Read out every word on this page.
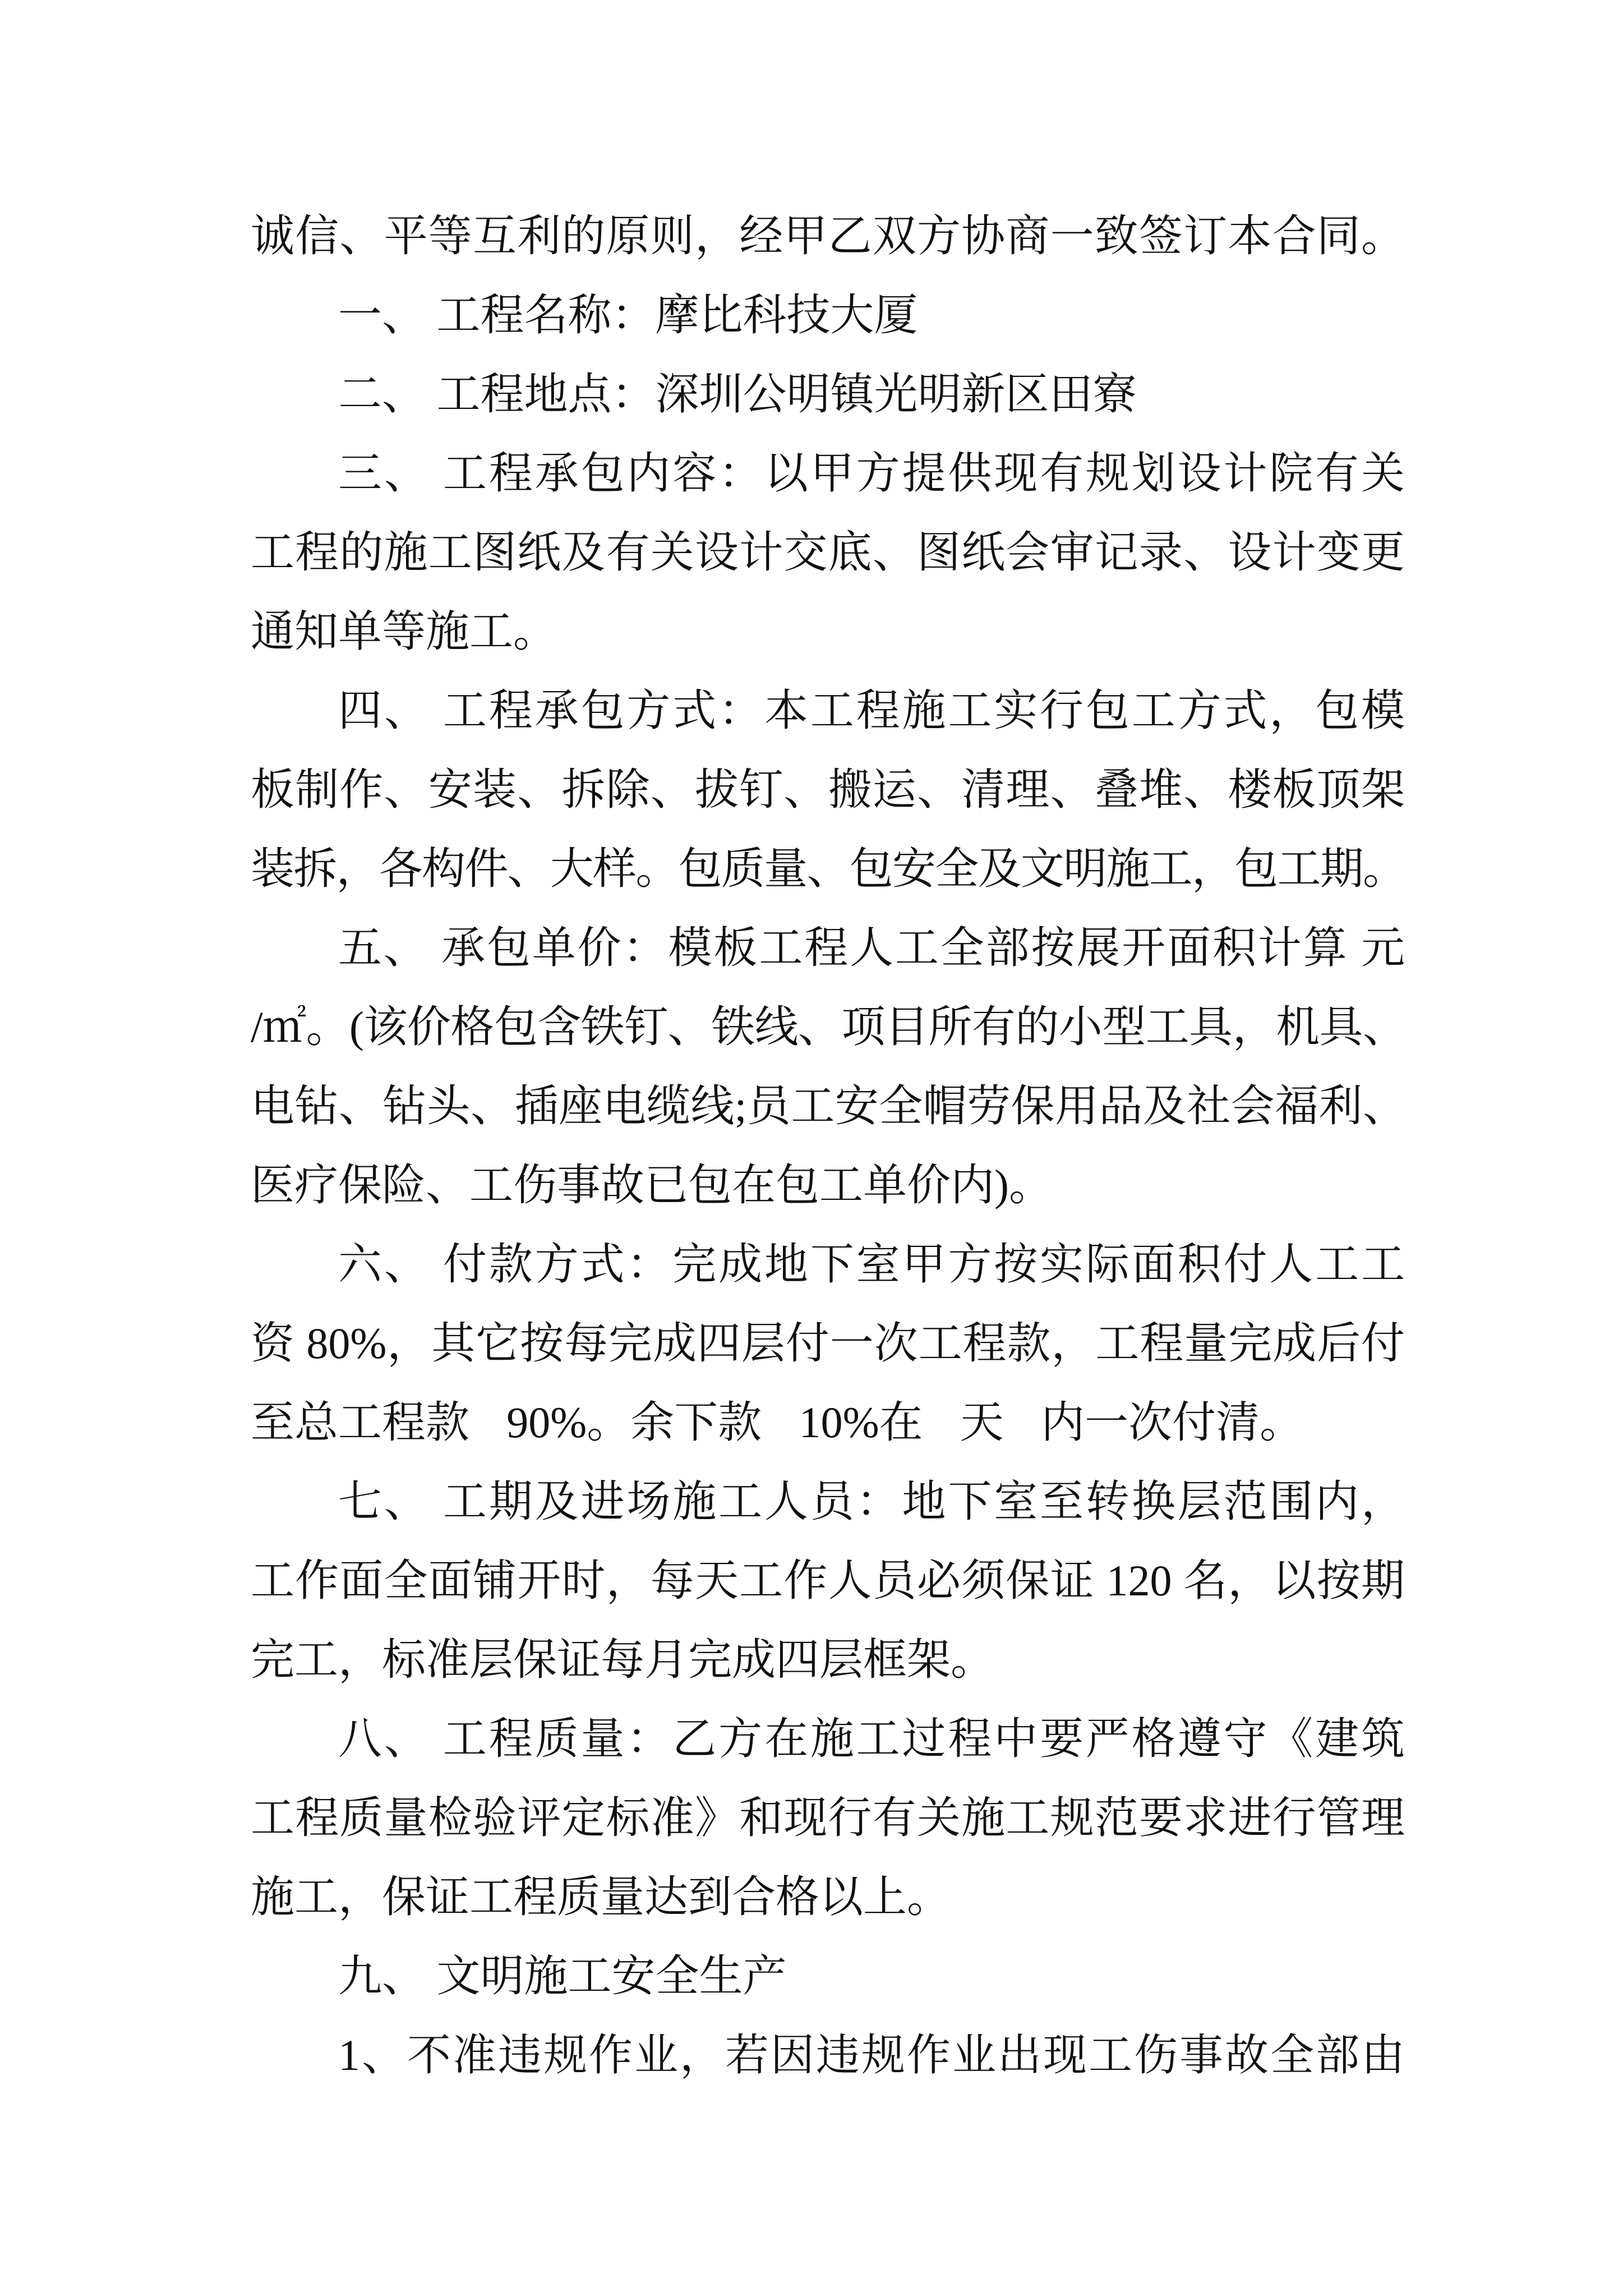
诚信、平等互利的原则，经甲乙双方协商一致签订本合同。
一、 工程名称：摩比科技大厦
二、 工程地点：深圳公明镇光明新区田寮
三、 工程承包内容：以甲方提供现有规划设计院有关
工程的施工图纸及有关设计交底、图纸会审记录、设计变更
通知单等施工。
四、 工程承包方式：本工程施工实行包工方式，包模
板制作、安装、拆除、拔钉、搬运、清理、叠堆、楼板顶架
装拆，各构件、大样。包质量、包安全及文明施工，包工期。
五、 承包单价：模板工程人工全部按展开面积计算 元
/㎡。(该价格包含铁钉、铁线、项目所有的小型工具，机具、
电钻、钻头、插座电缆线;员工安全帽劳保用品及社会福利、
医疗保险、工伤事故已包在包工单价内)。
六、 付款方式：完成地下室甲方按实际面积付人工工
资 80%，其它按每完成四层付一次工程款，工程量完成后付
至总工程款 90%。余下款 10%在 天 内一次付清。
七、 工期及进场施工人员：地下室至转换层范围内，
工作面全面铺开时，每天工作人员必须保证 120 名，以按期
完工，标准层保证每月完成四层框架。
八、 工程质量：乙方在施工过程中要严格遵守《建筑
工程质量检验评定标准》和现行有关施工规范要求进行管理
施工，保证工程质量达到合格以上。
九、 文明施工安全生产
1、不准违规作业，若因违规作业出现工伤事故全部由
